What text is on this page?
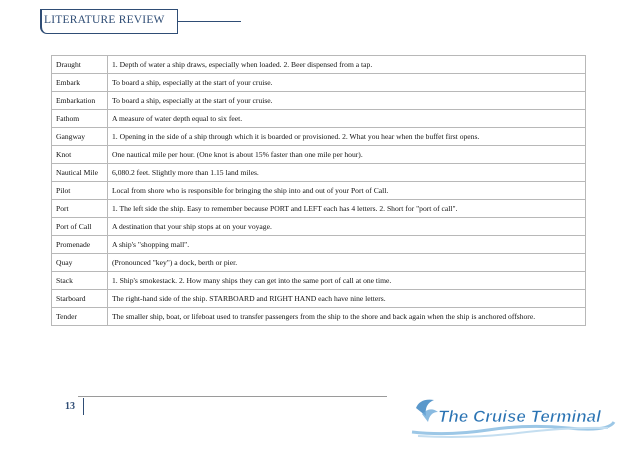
LITERATURE REVIEW
Draught	1. Depth of water a ship draws, especially when loaded. 2. Beer dispensed from a tap.
Embark	To board a ship, especially at the start of your cruise.
Embarkation	To board a ship, especially at the start of your cruise.
Fathom	A measure of water depth equal to six feet.
Gangway	1. Opening in the side of a ship through which it is boarded or provisioned. 2. What you hear when the buffet first opens.
Knot	One nautical mile per hour. (One knot is about 15% faster than one mile per hour).
Nautical Mile	6,080.2 feet. Slightly more than 1.15 land miles.
Pilot	Local from shore who is responsible for bringing the ship into and out of your Port of Call.
Port	1. The left side the ship. Easy to remember because PORT and LEFT each has 4 letters. 2. Short for "port of call".
Port of Call	A destination that your ship stops at on your voyage.
Promenade	A ship's "shopping mall".
Quay	(Pronounced "key") a dock, berth or pier.
Stack	1. Ship's smokestack. 2. How many ships they can get into the same port of call at one time.
Starboard	The right-hand side of the ship. STARBOARD and RIGHT HAND each have nine letters.
Tender	The smaller ship, boat, or lifeboat used to transfer passengers from the ship to the shore and back again when the ship is anchored offshore.
13
The Cruise Terminal
